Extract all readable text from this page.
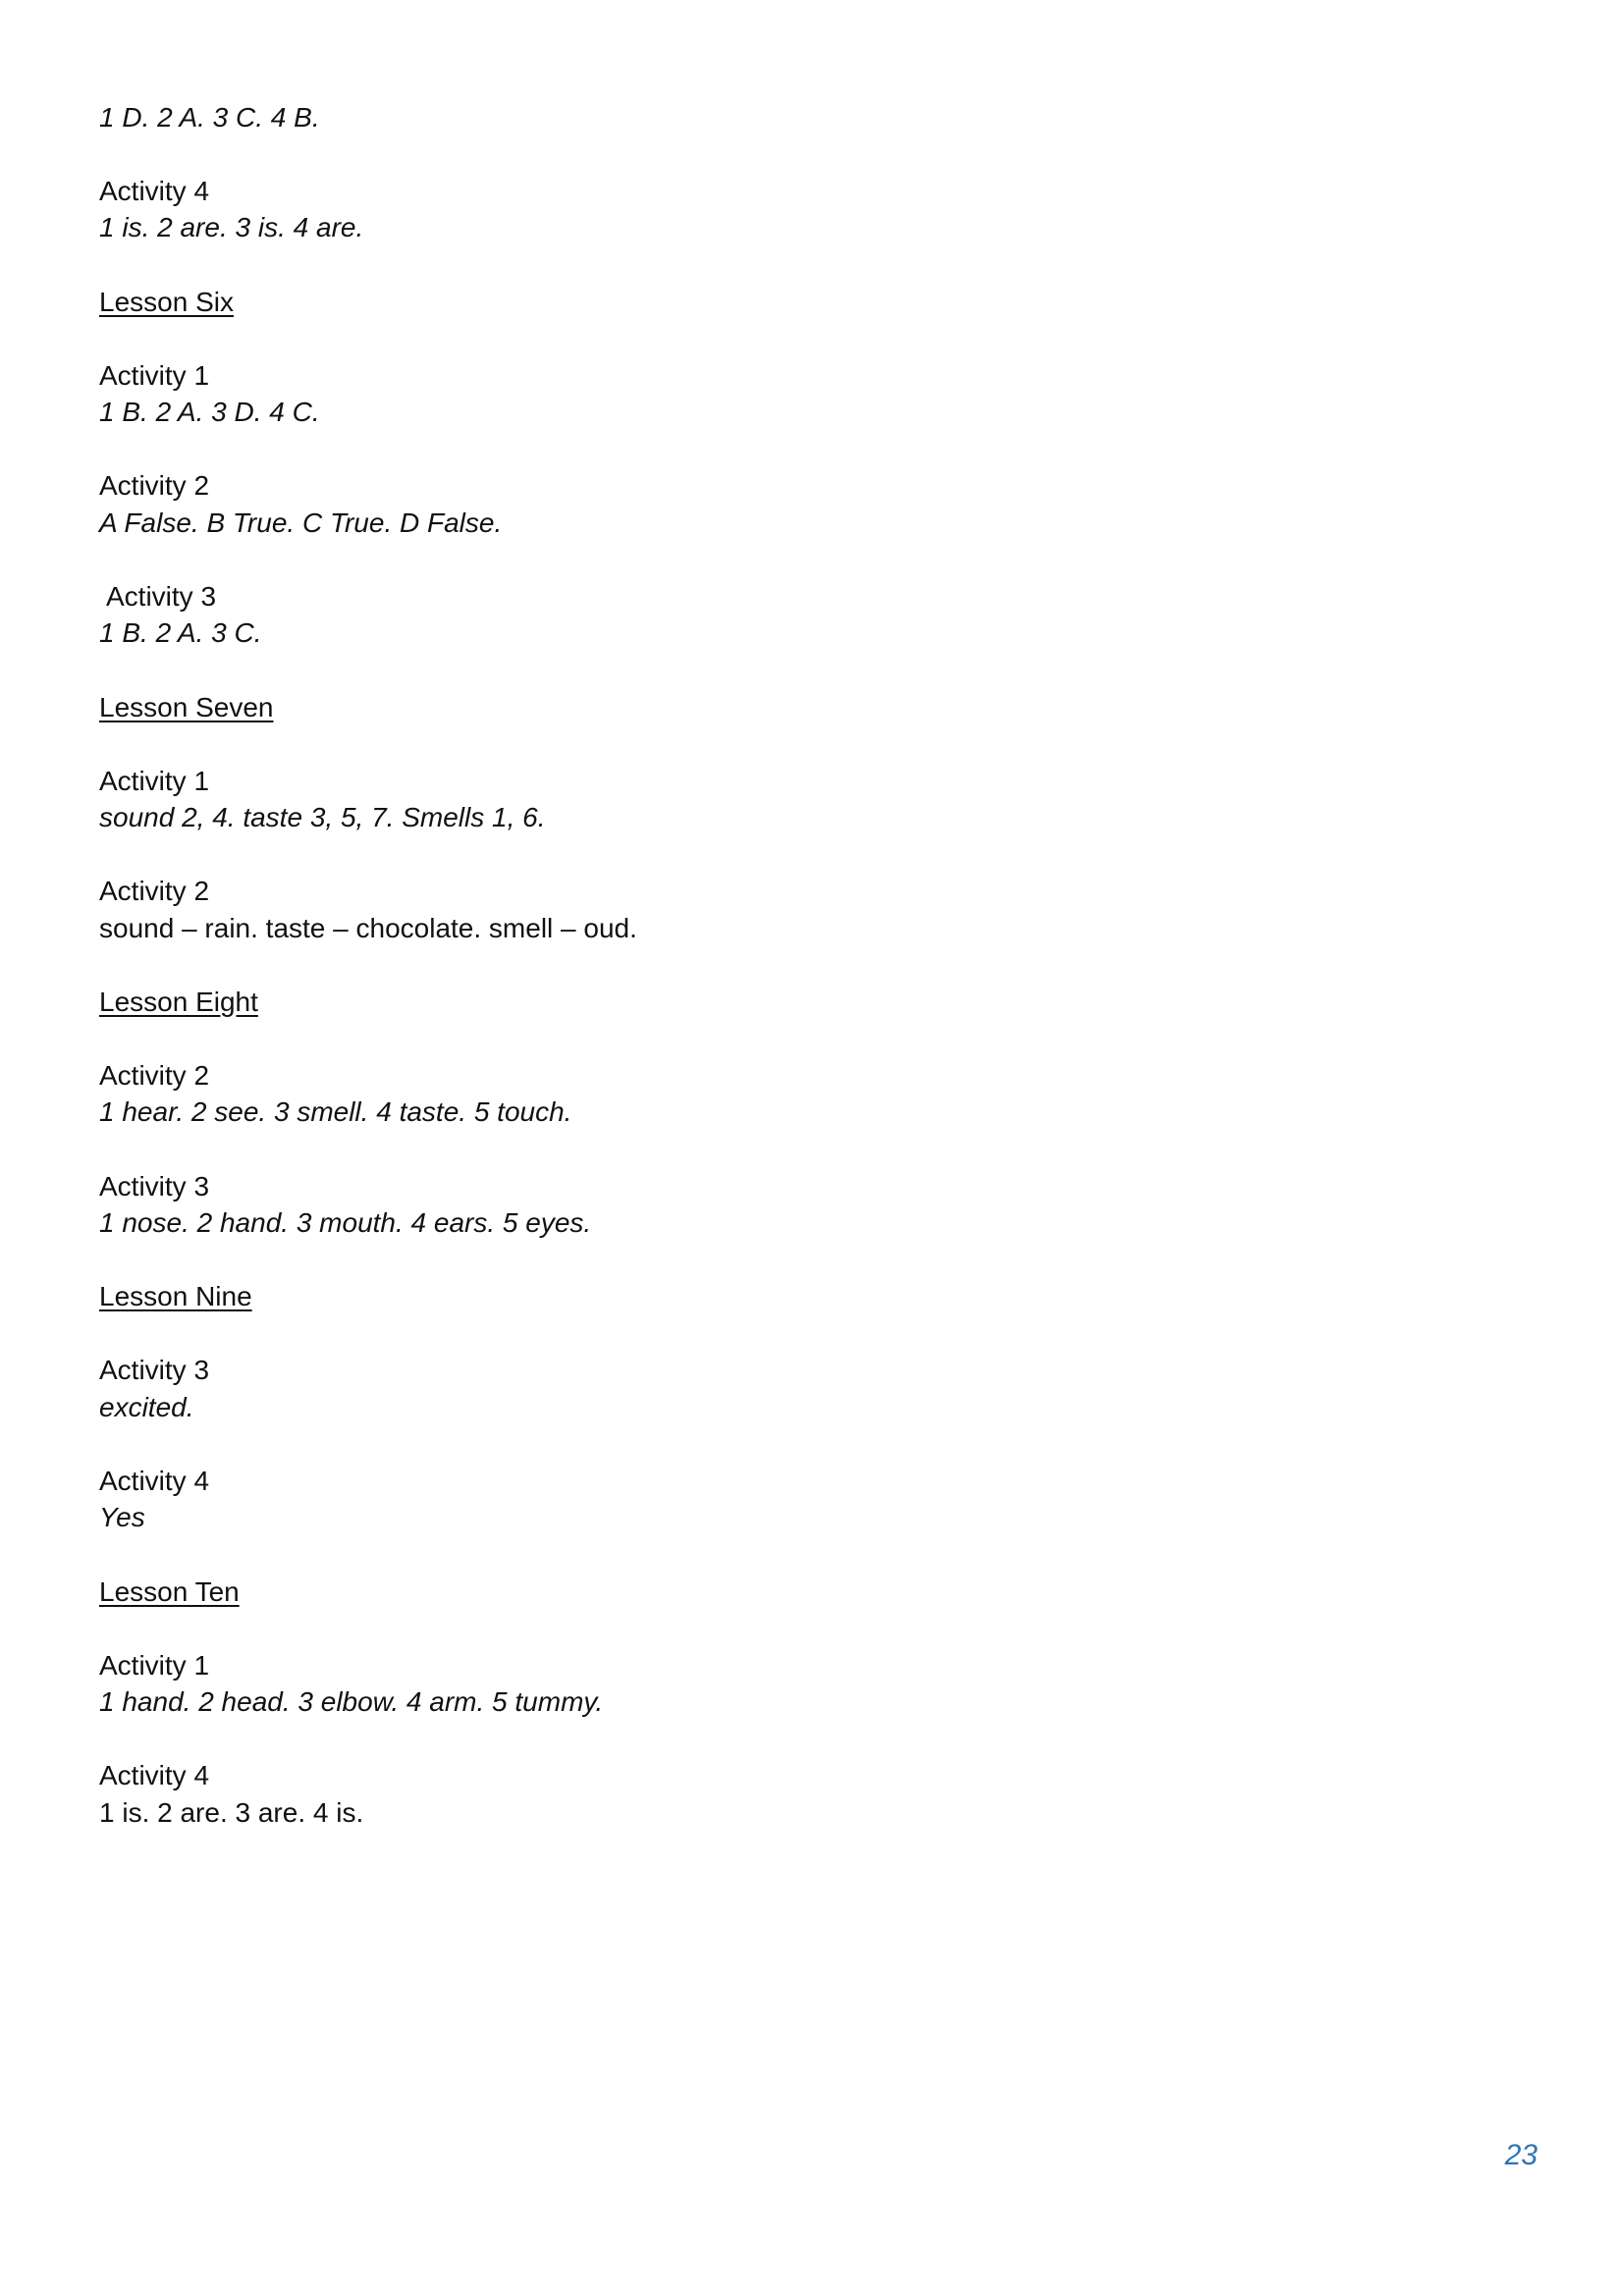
1 D. 2 A. 3 C. 4 B.
Activity 4
1 is. 2 are. 3 is. 4 are.
Lesson Six
Activity 1
1 B. 2 A. 3 D. 4 C.
Activity 2
A False. B True. C True. D False.
Activity 3
1 B. 2 A. 3 C.
Lesson Seven
Activity 1
sound 2, 4. taste 3, 5, 7. Smells 1, 6.
Activity 2
sound – rain. taste – chocolate. smell – oud.
Lesson Eight
Activity 2
1 hear. 2 see. 3 smell. 4 taste. 5 touch.
Activity 3
1 nose. 2 hand. 3 mouth. 4 ears. 5 eyes.
Lesson Nine
Activity 3
excited.
Activity 4
Yes
Lesson Ten
Activity 1
1 hand. 2 head. 3 elbow. 4 arm. 5 tummy.
Activity 4
1 is. 2 are. 3 are. 4 is.
23
